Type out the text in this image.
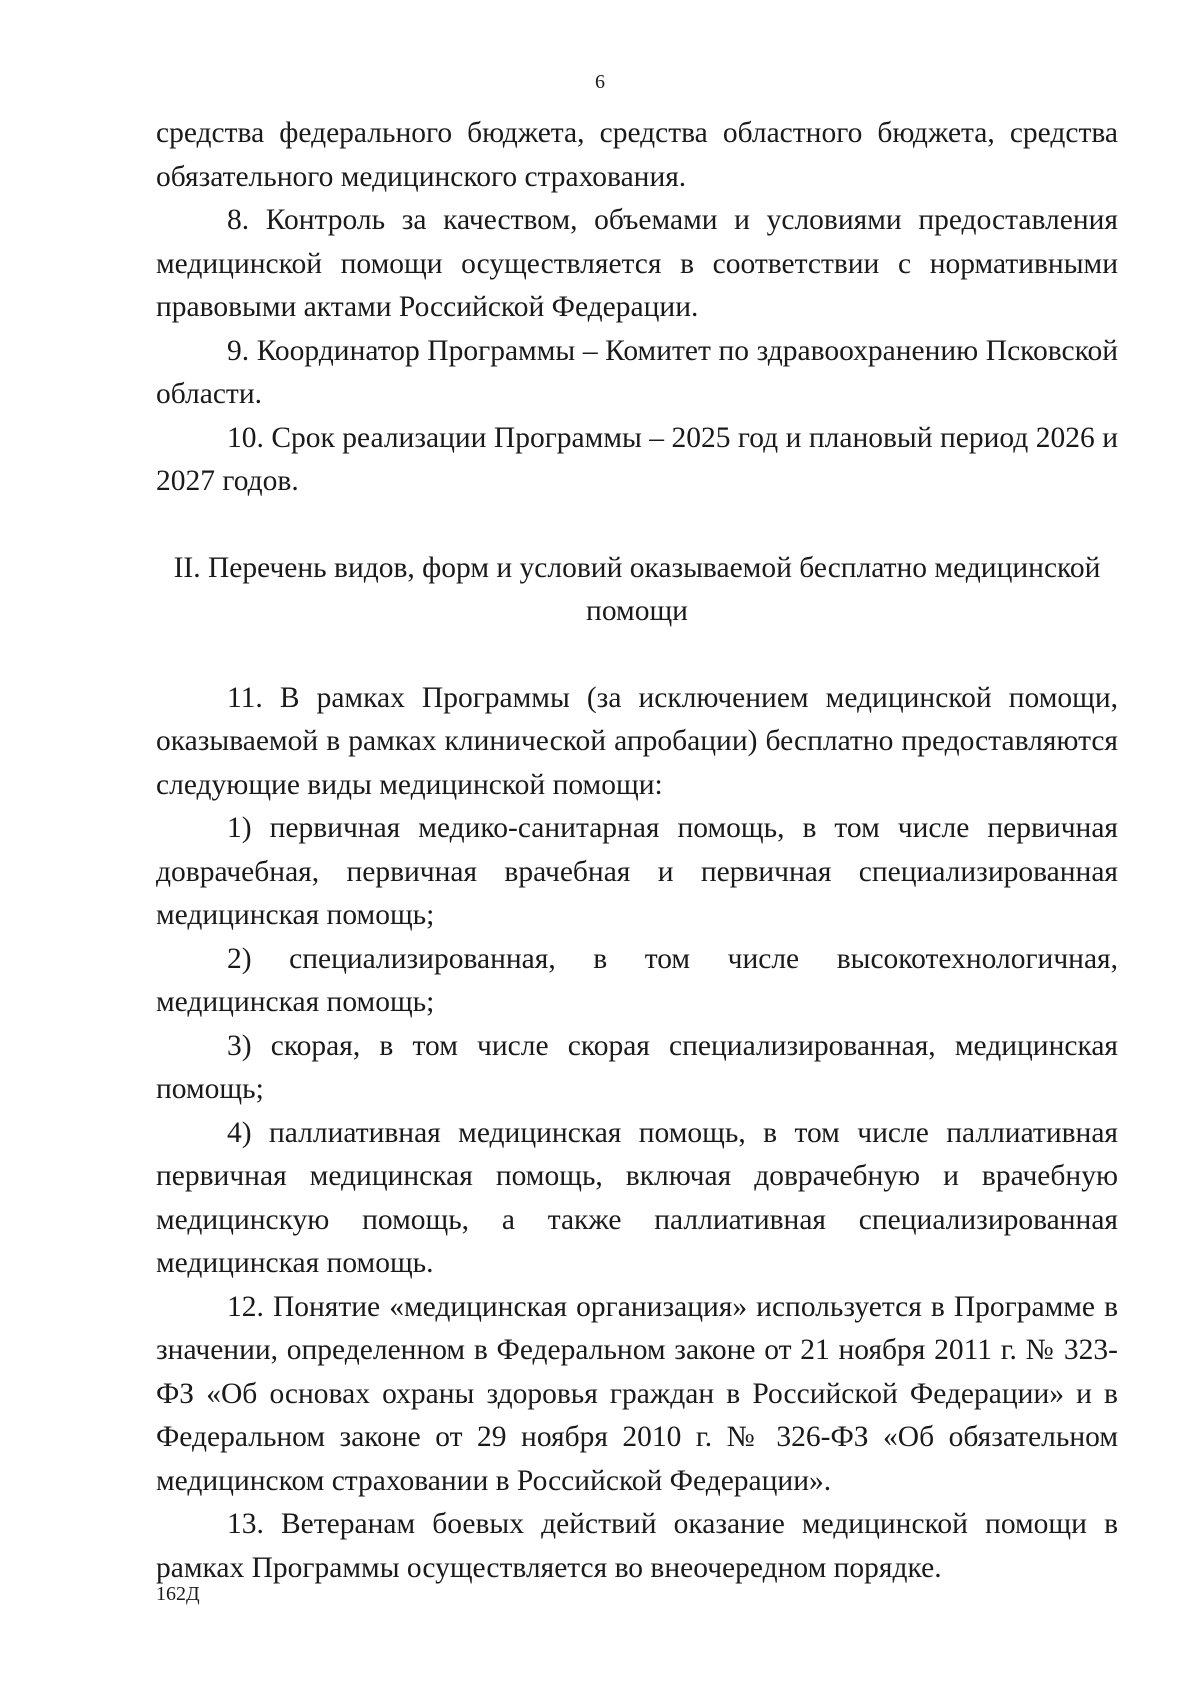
6

средства федерального бюджета, средства областного бюджета, средства обязательного медицинского страхования.

8. Контроль за качеством, объемами и условиями предоставления медицинской помощи осуществляется в соответствии с нормативными правовыми актами Российской Федерации.

9. Координатор Программы – Комитет по здравоохранению Псковской области.

10. Срок реализации Программы – 2025 год и плановый период 2026 и 2027 годов.

II. Перечень видов, форм и условий оказываемой бесплатно медицинской
помощи

11. В рамках Программы (за исключением медицинской помощи, оказываемой в рамках клинической апробации) бесплатно предоставляются следующие виды медицинской помощи:

1) первичная медико-санитарная помощь, в том числе первичная доврачебная, первичная врачебная и первичная специализированная медицинская помощь;

2) специализированная, в том числе высокотехнологичная, медицинская помощь;

3) скорая, в том числе скорая специализированная, медицинская помощь;

4) паллиативная медицинская помощь, в том числе паллиативная первичная медицинская помощь, включая доврачебную и врачебную медицинскую помощь, а также паллиативная специализированная медицинская помощь.

12. Понятие «медицинская организация» используется в Программе в значении, определенном в Федеральном законе от 21 ноября 2011 г. № 323-ФЗ «Об основах охраны здоровья граждан в Российской Федерации» и в Федеральном законе от 29 ноября 2010 г. № 326-ФЗ «Об обязательном медицинском страховании в Российской Федерации».

13. Ветеранам боевых действий оказание медицинской помощи в рамках Программы осуществляется во внеочередном порядке.

162Д
